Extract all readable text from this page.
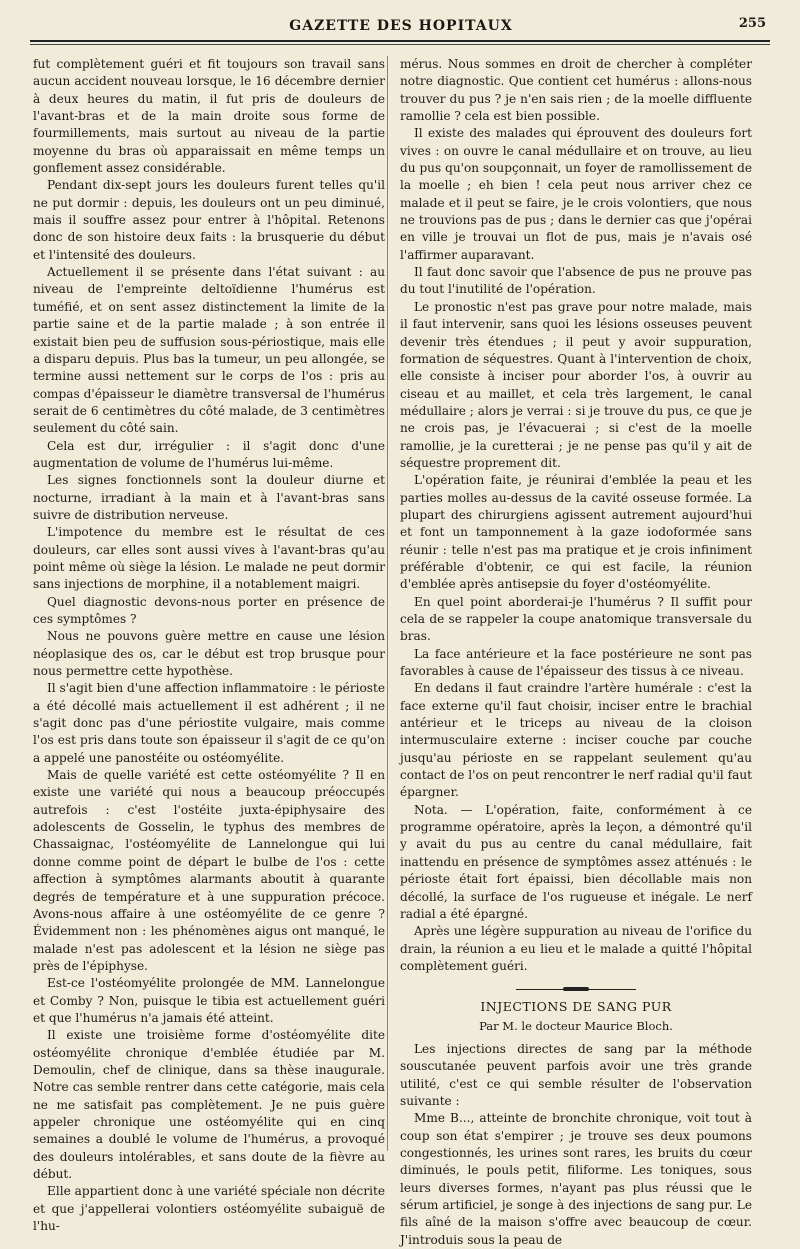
GAZETTE DES HOPITAUX	255

fut complètement guéri et fit toujours son travail sans aucun accident nouveau lorsque, le 16 décembre dernier à deux heures du matin, il fut pris de douleurs de l'avant-bras et de la main droite sous forme de fourmillements, mais surtout au niveau de la partie moyenne du bras où apparaissait en même temps un gonflement assez considérable.

Pendant dix-sept jours les douleurs furent telles qu'il ne put dormir : depuis, les douleurs ont un peu diminué, mais il souffre assez pour entrer à l'hôpital. Retenons donc de son histoire deux faits : la brusquerie du début et l'intensité des douleurs.

Actuellement il se présente dans l'état suivant : au niveau de l'empreinte deltoïdienne l'humérus est tuméfié, et on sent assez distinctement la limite de la partie saine et de la partie malade ; à son entrée il existait bien peu de suffusion sous-périostique, mais elle a disparu depuis. Plus bas la tumeur, un peu allongée, se termine aussi nettement sur le corps de l'os : pris au compas d'épaisseur le diamètre transversal de l'humérus serait de 6 centimètres du côté malade, de 3 centimètres seulement du côté sain.

Cela est dur, irrégulier : il s'agit donc d'une augmentation de volume de l'humérus lui-même.

Les signes fonctionnels sont la douleur diurne et nocturne, irradiant à la main et à l'avant-bras sans suivre de distribution nerveuse.

L'impotence du membre est le résultat de ces douleurs, car elles sont aussi vives à l'avant-bras qu'au point même où siège la lésion. Le malade ne peut dormir sans injections de morphine, il a notablement maigri.

Quel diagnostic devons-nous porter en présence de ces symptômes ?

Nous ne pouvons guère mettre en cause une lésion néoplasique des os, car le début est trop brusque pour nous permettre cette hypothèse.

Il s'agit bien d'une affection inflammatoire : le périoste a été décollé mais actuellement il est adhérent ; il ne s'agit donc pas d'une périostite vulgaire, mais comme l'os est pris dans toute son épaisseur il s'agit de ce qu'on a appelé une panostéite ou ostéomyélite.

Mais de quelle variété est cette ostéomyélite ? Il en existe une variété qui nous a beaucoup préoccupés autrefois : c'est l'ostéite juxta-épiphysaire des adolescents de Gosselin, le typhus des membres de Chassaignac, l'ostéomyélite de Lannelongue qui lui donne comme point de départ le bulbe de l'os : cette affection à symptômes alarmants aboutit à quarante degrés de température et à une suppuration précoce. Avons-nous affaire à une ostéomyélite de ce genre ? Évidemment non : les phénomènes aigus ont manqué, le malade n'est pas adolescent et la lésion ne siège pas près de l'épiphyse.

Est-ce l'ostéomyélite prolongée de MM. Lannelongue et Comby ? Non, puisque le tibia est actuellement guéri et que l'humérus n'a jamais été atteint.

Il existe une troisième forme d'ostéomyélite dite ostéomyélite chronique d'emblée étudiée par M. Demoulin, chef de clinique, dans sa thèse inaugurale. Notre cas semble rentrer dans cette catégorie, mais cela ne me satisfait pas complètement. Je ne puis guère appeler chronique une ostéomyélite qui en cinq semaines a doublé le volume de l'humérus, a provoqué des douleurs intolérables, et sans doute de la fièvre au début.

Elle appartient donc à une variété spéciale non décrite et que j'appellerai volontiers ostéomyélite subaiguë de l'hu-

mérus. Nous sommes en droit de chercher à compléter notre diagnostic. Que contient cet humérus : allons-nous trouver du pus ? je n'en sais rien ; de la moelle diffluente ramollie ? cela est bien possible.

Il existe des malades qui éprouvent des douleurs fort vives : on ouvre le canal médullaire et on trouve, au lieu du pus qu'on soupçonnait, un foyer de ramollissement de la moelle ; eh bien ! cela peut nous arriver chez ce malade et il peut se faire, je le crois volontiers, que nous ne trouvions pas de pus ; dans le dernier cas que j'opérai en ville je trouvai un flot de pus, mais je n'avais osé l'affirmer auparavant.

Il faut donc savoir que l'absence de pus ne prouve pas du tout l'inutilité de l'opération.

Le pronostic n'est pas grave pour notre malade, mais il faut intervenir, sans quoi les lésions osseuses peuvent devenir très étendues ; il peut y avoir suppuration, formation de séquestres. Quant à l'intervention de choix, elle consiste à inciser pour aborder l'os, à ouvrir au ciseau et au maillet, et cela très largement, le canal médullaire ; alors je verrai : si je trouve du pus, ce que je ne crois pas, je l'évacuerai ; si c'est de la moelle ramollie, je la curetterai ; je ne pense pas qu'il y ait de séquestre proprement dit.

L'opération faite, je réunirai d'emblée la peau et les parties molles au-dessus de la cavité osseuse formée. La plupart des chirurgiens agissent autrement aujourd'hui et font un tamponnement à la gaze iodoformée sans réunir : telle n'est pas ma pratique et je crois infiniment préférable d'obtenir, ce qui est facile, la réunion d'emblée après antisepsie du foyer d'ostéomyélite.

En quel point aborderai-je l'humérus ? Il suffit pour cela de se rappeler la coupe anatomique transversale du bras.

La face antérieure et la face postérieure ne sont pas favorables à cause de l'épaisseur des tissus à ce niveau.

En dedans il faut craindre l'artère humérale : c'est la face externe qu'il faut choisir, inciser entre le brachial antérieur et le triceps au niveau de la cloison intermusculaire externe : inciser couche par couche jusqu'au périoste en se rappelant seulement qu'au contact de l'os on peut rencontrer le nerf radial qu'il faut épargner.

Nota. — L'opération, faite, conformément à ce programme opératoire, après la leçon, a démontré qu'il y avait du pus au centre du canal médullaire, fait inattendu en présence de symptômes assez atténués : le périoste était fort épaissi, bien décollable mais non décollé, la surface de l'os rugueuse et inégale. Le nerf radial a été épargné.

Après une légère suppuration au niveau de l'orifice du drain, la réunion a eu lieu et le malade a quitté l'hôpital complètement guéri.

INJECTIONS DE SANG PUR

Par M. le docteur Maurice Bloch.

Les injections directes de sang par la méthode souscutanée peuvent parfois avoir une très grande utilité, c'est ce qui semble résulter de l'observation suivante :

Mme B..., atteinte de bronchite chronique, voit tout à coup son état s'empirer ; je trouve ses deux poumons congestionnés, les urines sont rares, les bruits du cœur diminués, le pouls petit, filiforme. Les toniques, sous leurs diverses formes, n'ayant pas plus réussi que le sérum artificiel, je songe à des injections de sang pur. Le fils aîné de la maison s'offre avec beaucoup de cœur. J'introduis sous la peau de
